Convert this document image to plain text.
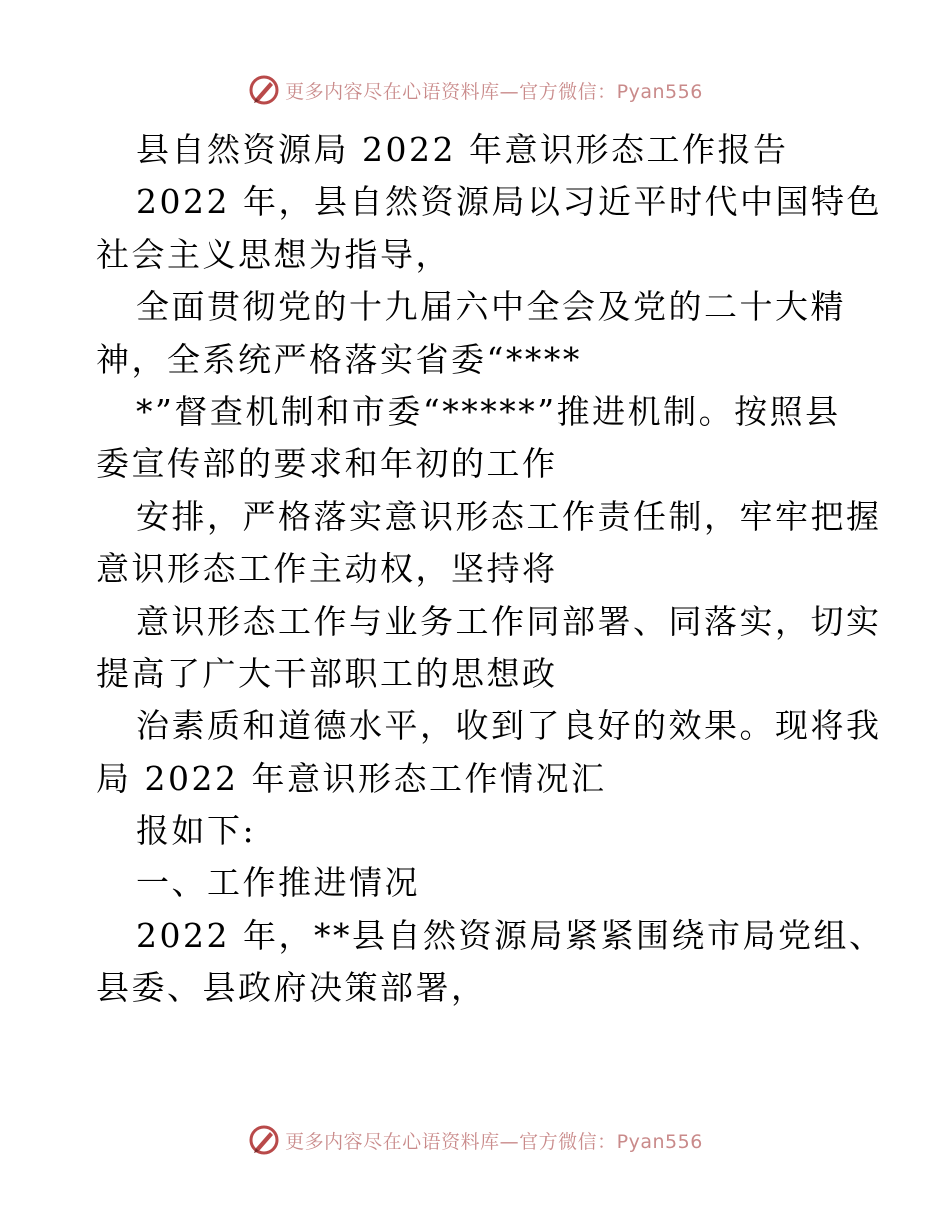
更多内容尽在心语资料库—官方微信：Pyan556
县自然资源局 2022 年意识形态工作报告
2022 年，县自然资源局以习近平时代中国特色
社会主义思想为指导，
全面贯彻党的十九届六中全会及党的二十大精
神，全系统严格落实省委“****
*”督查机制和市委“*****”推进机制。按照县
委宣传部的要求和年初的工作
安排，严格落实意识形态工作责任制，牢牢把握
意识形态工作主动权，坚持将
意识形态工作与业务工作同部署、同落实，切实
提高了广大干部职工的思想政
治素质和道德水平，收到了良好的效果。现将我
局 2022 年意识形态工作情况汇
报如下:
一、工作推进情况
2022 年，**县自然资源局紧紧围绕市局党组、
县委、县政府决策部署，
更多内容尽在心语资料库—官方微信：Pyan556
